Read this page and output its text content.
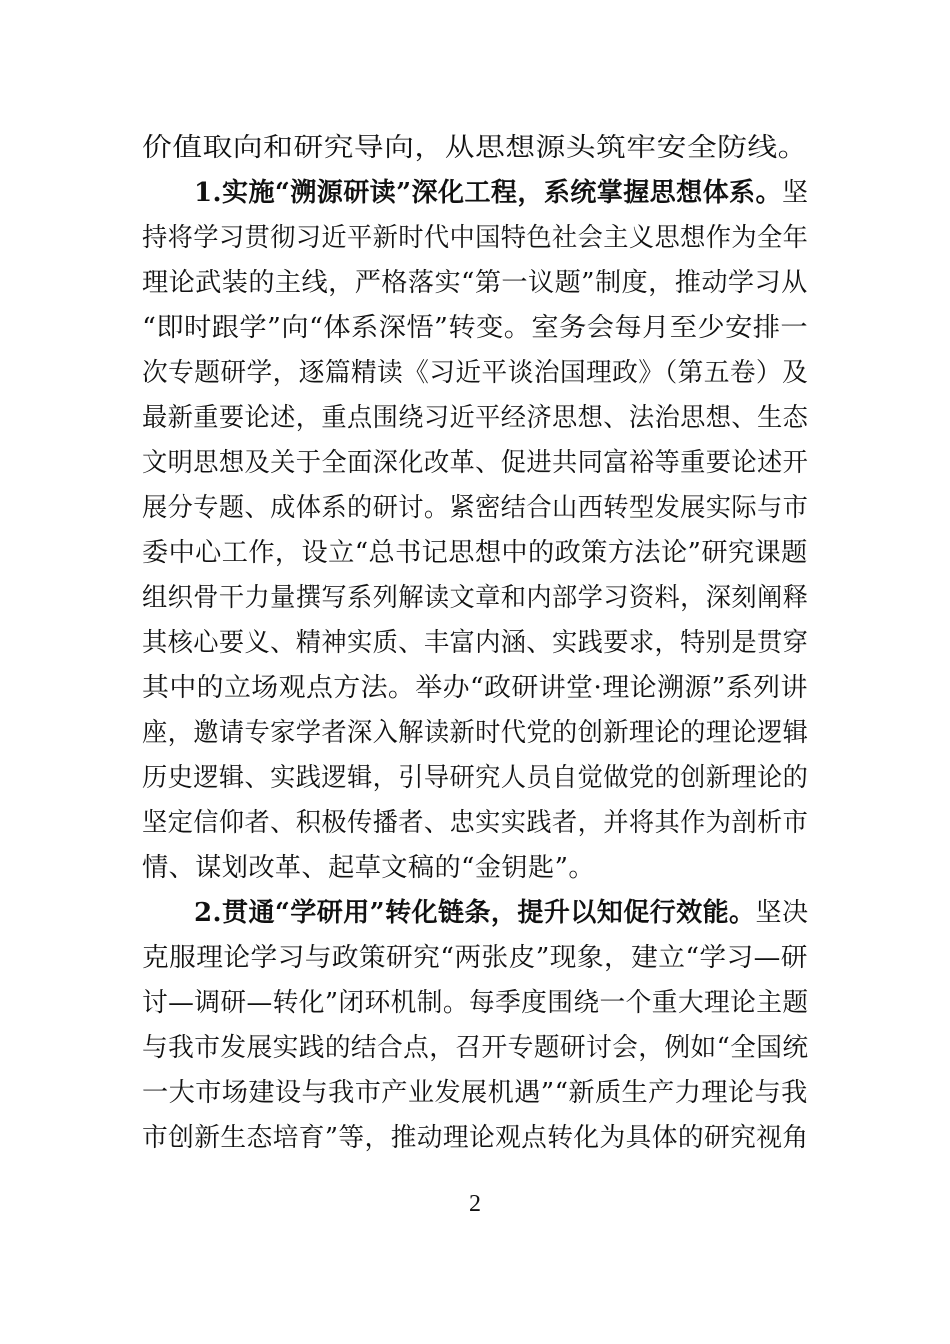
价值取向和研究导向，从思想源头筑牢安全防线。
1.实施“溯源研读”深化工程，系统掌握思想体系。坚
持将学习贯彻习近平新时代中国特色社会主义思想作为全年
理论武装的主线，严格落实“第一议题”制度，推动学习从
“即时跟学”向“体系深悟”转变。室务会每月至少安排一
次专题研学，逐篇精读《习近平谈治国理政》（第五卷）及
最新重要论述，重点围绕习近平经济思想、法治思想、生态
文明思想及关于全面深化改革、促进共同富裕等重要论述开
展分专题、成体系的研讨。紧密结合山西转型发展实际与市
委中心工作，设立“总书记思想中的政策方法论”研究课题
组织骨干力量撰写系列解读文章和内部学习资料，深刻阐释
其核心要义、精神实质、丰富内涵、实践要求，特别是贯穿
其中的立场观点方法。举办“政研讲堂·理论溯源”系列讲
座，邀请专家学者深入解读新时代党的创新理论的理论逻辑
历史逻辑、实践逻辑，引导研究人员自觉做党的创新理论的
坚定信仰者、积极传播者、忠实实践者，并将其作为剖析市
情、谋划改革、起草文稿的“金钥匙”。
2.贯通“学研用”转化链条，提升以知促行效能。坚决
克服理论学习与政策研究“两张皮”现象，建立“学习—研
讨—调研—转化”闭环机制。每季度围绕一个重大理论主题
与我市发展实践的结合点，召开专题研讨会，例如“全国统
一大市场建设与我市产业发展机遇”“新质生产力理论与我
市创新生态培育”等，推动理论观点转化为具体的研究视角
2
